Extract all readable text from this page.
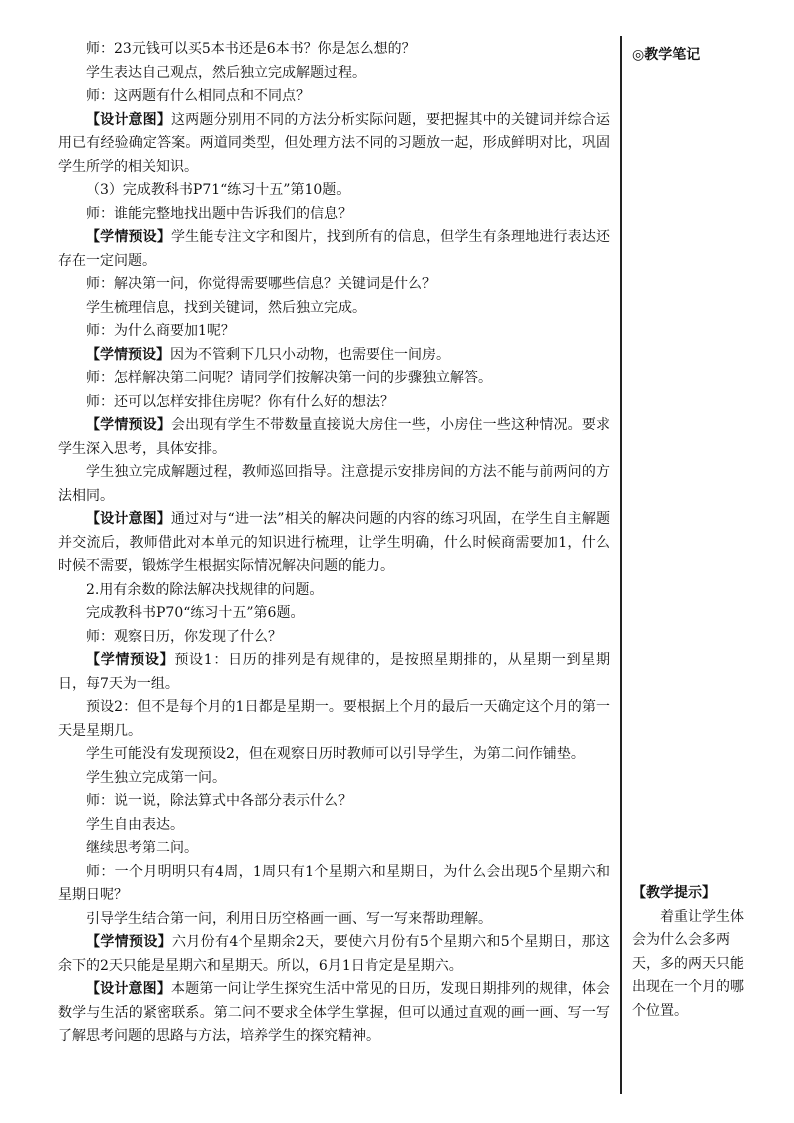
师：23元钱可以买5本书还是6本书？你是怎么想的？

学生表达自己观点，然后独立完成解题过程。

师：这两题有什么相同点和不同点？

【设计意图】这两题分别用不同的方法分析实际问题，要把握其中的关键词并综合运用已有经验确定答案。两道同类型，但处理方法不同的习题放一起，形成鲜明对比，巩固学生所学的相关知识。

（3）完成教科书P71“练习十五”第10题。

师：谁能完整地找出题中告诉我们的信息？

【学情预设】学生能专注文字和图片，找到所有的信息，但学生有条理地进行表达还存在一定问题。

师：解决第一问，你觉得需要哪些信息？关键词是什么？

学生梳理信息，找到关键词，然后独立完成。

师：为什么商要加1呢？

【学情预设】因为不管剩下几只小动物，也需要住一间房。

师：怎样解决第二问呢？请同学们按解决第一问的步骤独立解答。

师：还可以怎样安排住房呢？你有什么好的想法？

【学情预设】会出现有学生不带数量直接说大房住一些，小房住一些这种情况。要求学生深入思考，具体安排。

学生独立完成解题过程，教师巡回指导。注意提示安排房间的方法不能与前两问的方法相同。

【设计意图】通过对与“进一法”相关的解决问题的内容的练习巩固，在学生自主解题并交流后，教师借此对本单元的知识进行梳理，让学生明确，什么时候商需要加1，什么时候不需要，锻炼学生根据实际情况解决问题的能力。

2.用有余数的除法解决找规律的问题。

完成教科书P70“练习十五”第6题。

师：观察日历，你发现了什么？

【学情预设】预设1：日历的排列是有规律的，是按照星期排的，从星期一到星期日，每7天为一组。

预设2：但不是每个月的1日都是星期一。要根据上个月的最后一天确定这个月的第一天是星期几。

学生可能没有发现预设2，但在观察日历时教师可以引导学生，为第二问作铺垫。

学生独立完成第一问。

师：说一说，除法算式中各部分表示什么？

学生自由表达。

继续思考第二问。

师：一个月明明只有4周，1周只有1个星期六和星期日，为什么会出现5个星期六和星期日呢？

引导学生结合第一问，利用日历空格画一画、写一写来帮助理解。

【学情预设】六月份有4个星期余2天，要使六月份有5个星期六和5个星期日，那这余下的2天只能是星期六和星期天。所以，6月1日肯定是星期六。

【设计意图】本题第一问让学生探究生活中常见的日历，发现日期排列的规律，体会数学与生活的紧密联系。第二问不要求全体学生掌握，但可以通过直观的画一画、写一写了解思考问题的思路与方法，培养学生的探究精神。

◎教学笔记
【教学提示】

着重让学生体会为什么会多两天，多的两天只能出现在一个月的哪个位置。
